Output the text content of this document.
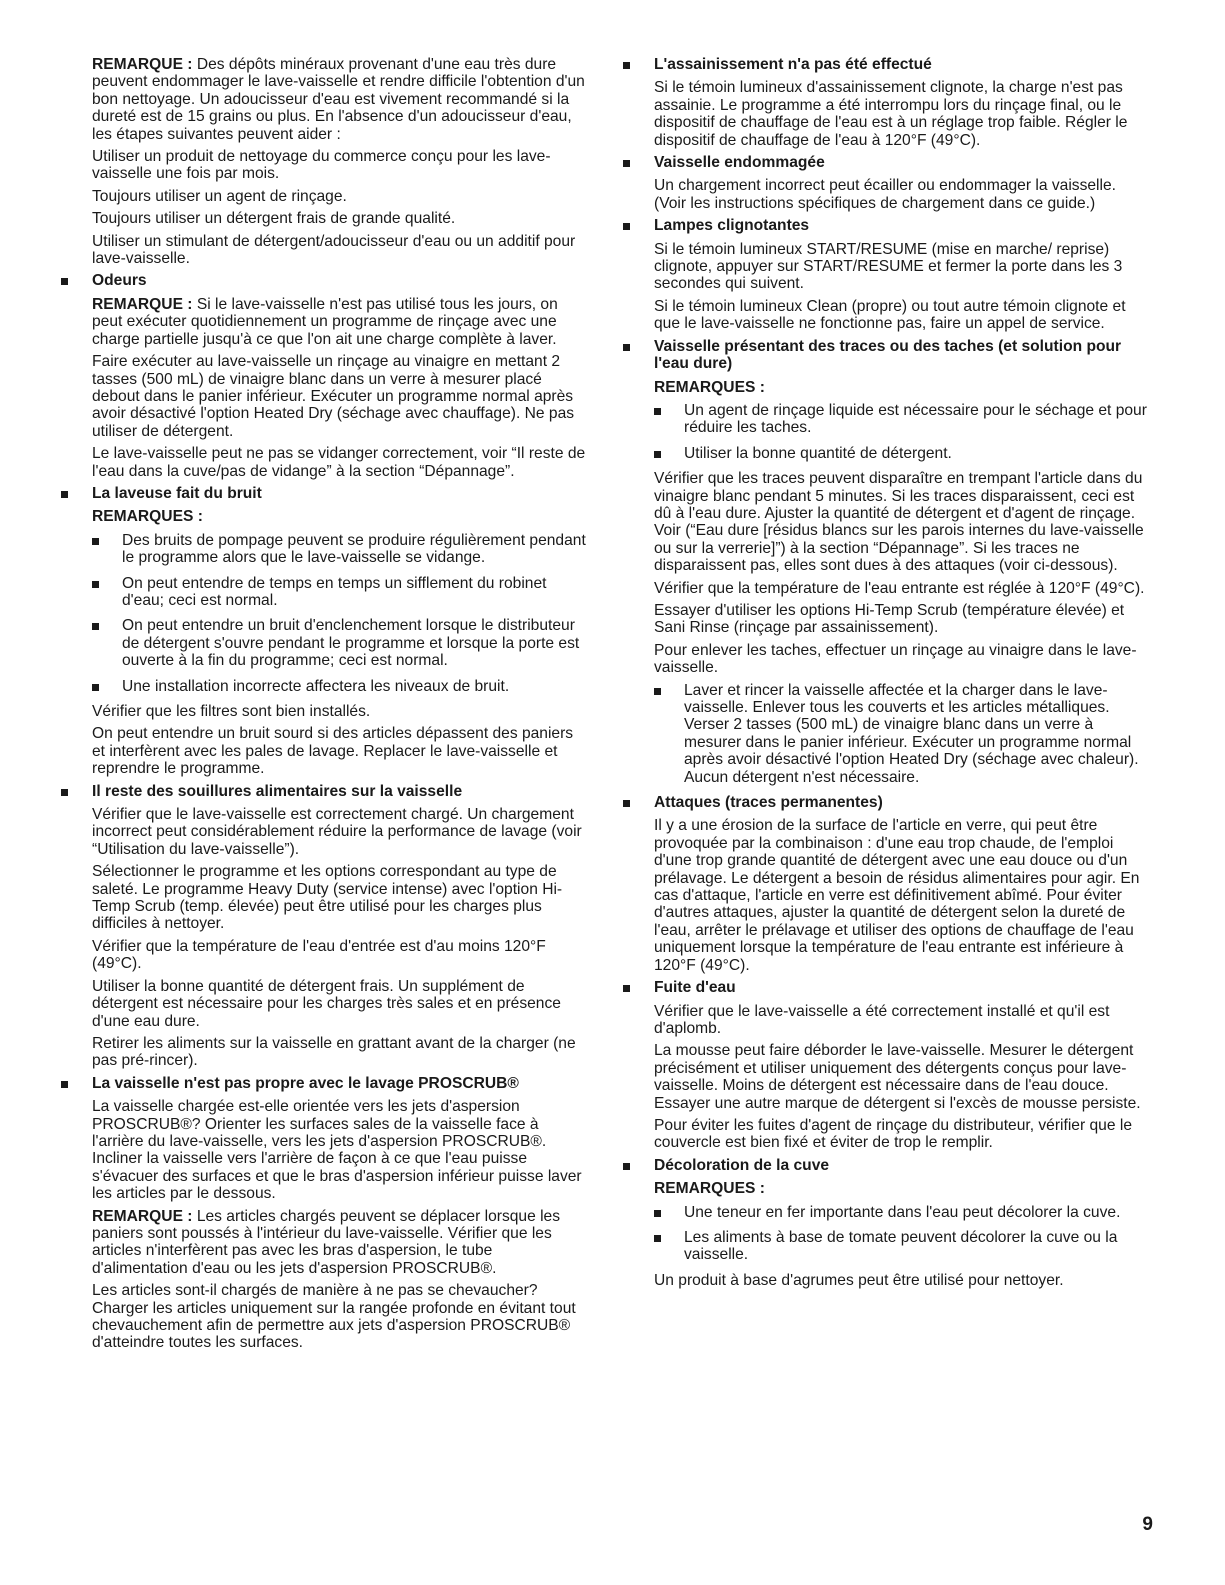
REMARQUE : Des dépôts minéraux provenant d'une eau très dure peuvent endommager le lave-vaisselle et rendre difficile l'obtention d'un bon nettoyage. Un adoucisseur d'eau est vivement recommandé si la dureté est de 15 grains ou plus. En l'absence d'un adoucisseur d'eau, les étapes suivantes peuvent aider :
Utiliser un produit de nettoyage du commerce conçu pour les lave-vaisselle une fois par mois.
Toujours utiliser un agent de rinçage.
Toujours utiliser un détergent frais de grande qualité.
Utiliser un stimulant de détergent/adoucisseur d'eau ou un additif pour lave-vaisselle.
Odeurs
REMARQUE : Si le lave-vaisselle n'est pas utilisé tous les jours, on peut exécuter quotidiennement un programme de rinçage avec une charge partielle jusqu'à ce que l'on ait une charge complète à laver.
Faire exécuter au lave-vaisselle un rinçage au vinaigre en mettant 2 tasses (500 mL) de vinaigre blanc dans un verre à mesurer placé debout dans le panier inférieur. Exécuter un programme normal après avoir désactivé l'option Heated Dry (séchage avec chauffage). Ne pas utiliser de détergent.
Le lave-vaisselle peut ne pas se vidanger correctement, voir “Il reste de l'eau dans la cuve/pas de vidange” à la section “Dépannage”.
La laveuse fait du bruit
REMARQUES :
Des bruits de pompage peuvent se produire régulièrement pendant le programme alors que le lave-vaisselle se vidange.
On peut entendre de temps en temps un sifflement du robinet d'eau; ceci est normal.
On peut entendre un bruit d'enclenchement lorsque le distributeur de détergent s'ouvre pendant le programme et lorsque la porte est ouverte à la fin du programme; ceci est normal.
Une installation incorrecte affectera les niveaux de bruit.
Vérifier que les filtres sont bien installés.
On peut entendre un bruit sourd si des articles dépassent des paniers et interfèrent avec les pales de lavage. Replacer le lave-vaisselle et reprendre le programme.
Il reste des souillures alimentaires sur la vaisselle
Vérifier que le lave-vaisselle est correctement chargé. Un chargement incorrect peut considérablement réduire la performance de lavage (voir “Utilisation du lave-vaisselle”).
Sélectionner le programme et les options correspondant au type de saleté. Le programme Heavy Duty (service intense) avec l'option Hi-Temp Scrub (temp. élevée) peut être utilisé pour les charges plus difficiles à nettoyer.
Vérifier que la température de l'eau d'entrée est d'au moins 120°F (49°C).
Utiliser la bonne quantité de détergent frais. Un supplément de détergent est nécessaire pour les charges très sales et en présence d'une eau dure.
Retirer les aliments sur la vaisselle en grattant avant de la charger (ne pas pré-rincer).
La vaisselle n'est pas propre avec le lavage PROSCRUB®
La vaisselle chargée est-elle orientée vers les jets d'aspersion PROSCRUB®? Orienter les surfaces sales de la vaisselle face à l'arrière du lave-vaisselle, vers les jets d'aspersion PROSCRUB®. Incliner la vaisselle vers l'arrière de façon à ce que l'eau puisse s'évacuer des surfaces et que le bras d'aspersion inférieur puisse laver les articles par le dessous.
REMARQUE : Les articles chargés peuvent se déplacer lorsque les paniers sont poussés à l'intérieur du lave-vaisselle. Vérifier que les articles n'interfèrent pas avec les bras d'aspersion, le tube d'alimentation d'eau ou les jets d'aspersion PROSCRUB®.
Les articles sont-il chargés de manière à ne pas se chevaucher? Charger les articles uniquement sur la rangée profonde en évitant tout chevauchement afin de permettre aux jets d'aspersion PROSCRUB® d'atteindre toutes les surfaces.
L'assainissement n'a pas été effectué
Si le témoin lumineux d'assainissement clignote, la charge n'est pas assainie. Le programme a été interrompu lors du rinçage final, ou le dispositif de chauffage de l'eau est à un réglage trop faible. Régler le dispositif de chauffage de l'eau à 120°F (49°C).
Vaisselle endommagée
Un chargement incorrect peut écailler ou endommager la vaisselle. (Voir les instructions spécifiques de chargement dans ce guide.)
Lampes clignotantes
Si le témoin lumineux START/RESUME (mise en marche/ reprise) clignote, appuyer sur START/RESUME et fermer la porte dans les 3 secondes qui suivent.
Si le témoin lumineux Clean (propre) ou tout autre témoin clignote et que le lave-vaisselle ne fonctionne pas, faire un appel de service.
Vaisselle présentant des traces ou des taches (et solution pour l'eau dure)
REMARQUES :
Un agent de rinçage liquide est nécessaire pour le séchage et pour réduire les taches.
Utiliser la bonne quantité de détergent.
Vérifier que les traces peuvent disparaître en trempant l'article dans du vinaigre blanc pendant 5 minutes. Si les traces disparaissent, ceci est dû à l'eau dure. Ajuster la quantité de détergent et d'agent de rinçage. Voir (“Eau dure [résidus blancs sur les parois internes du lave-vaisselle ou sur la verrerie]”) à la section “Dépannage”. Si les traces ne disparaissent pas, elles sont dues à des attaques (voir ci-dessous).
Vérifier que la température de l'eau entrante est réglée à 120°F (49°C).
Essayer d'utiliser les options Hi-Temp Scrub (température élevée) et Sani Rinse (rinçage par assainissement).
Pour enlever les taches, effectuer un rinçage au vinaigre dans le lave-vaisselle.
Laver et rincer la vaisselle affectée et la charger dans le lave-vaisselle. Enlever tous les couverts et les articles métalliques. Verser 2 tasses (500 mL) de vinaigre blanc dans un verre à mesurer dans le panier inférieur. Exécuter un programme normal après avoir désactivé l'option Heated Dry (séchage avec chaleur). Aucun détergent n'est nécessaire.
Attaques (traces permanentes)
Il y a une érosion de la surface de l'article en verre, qui peut être provoquée par la combinaison : d'une eau trop chaude, de l'emploi d'une trop grande quantité de détergent avec une eau douce ou d'un prélavage. Le détergent a besoin de résidus alimentaires pour agir. En cas d'attaque, l'article en verre est définitivement abîmé. Pour éviter d'autres attaques, ajuster la quantité de détergent selon la dureté de l'eau, arrêter le prélavage et utiliser des options de chauffage de l'eau uniquement lorsque la température de l'eau entrante est inférieure à 120°F (49°C).
Fuite d'eau
Vérifier que le lave-vaisselle a été correctement installé et qu'il est d'aplomb.
La mousse peut faire déborder le lave-vaisselle. Mesurer le détergent précisément et utiliser uniquement des détergents conçus pour lave-vaisselle. Moins de détergent est nécessaire dans de l'eau douce. Essayer une autre marque de détergent si l'excès de mousse persiste.
Pour éviter les fuites d'agent de rinçage du distributeur, vérifier que le couvercle est bien fixé et éviter de trop le remplir.
Décoloration de la cuve
REMARQUES :
Une teneur en fer importante dans l'eau peut décolorer la cuve.
Les aliments à base de tomate peuvent décolorer la cuve ou la vaisselle.
Un produit à base d'agrumes peut être utilisé pour nettoyer.
9
